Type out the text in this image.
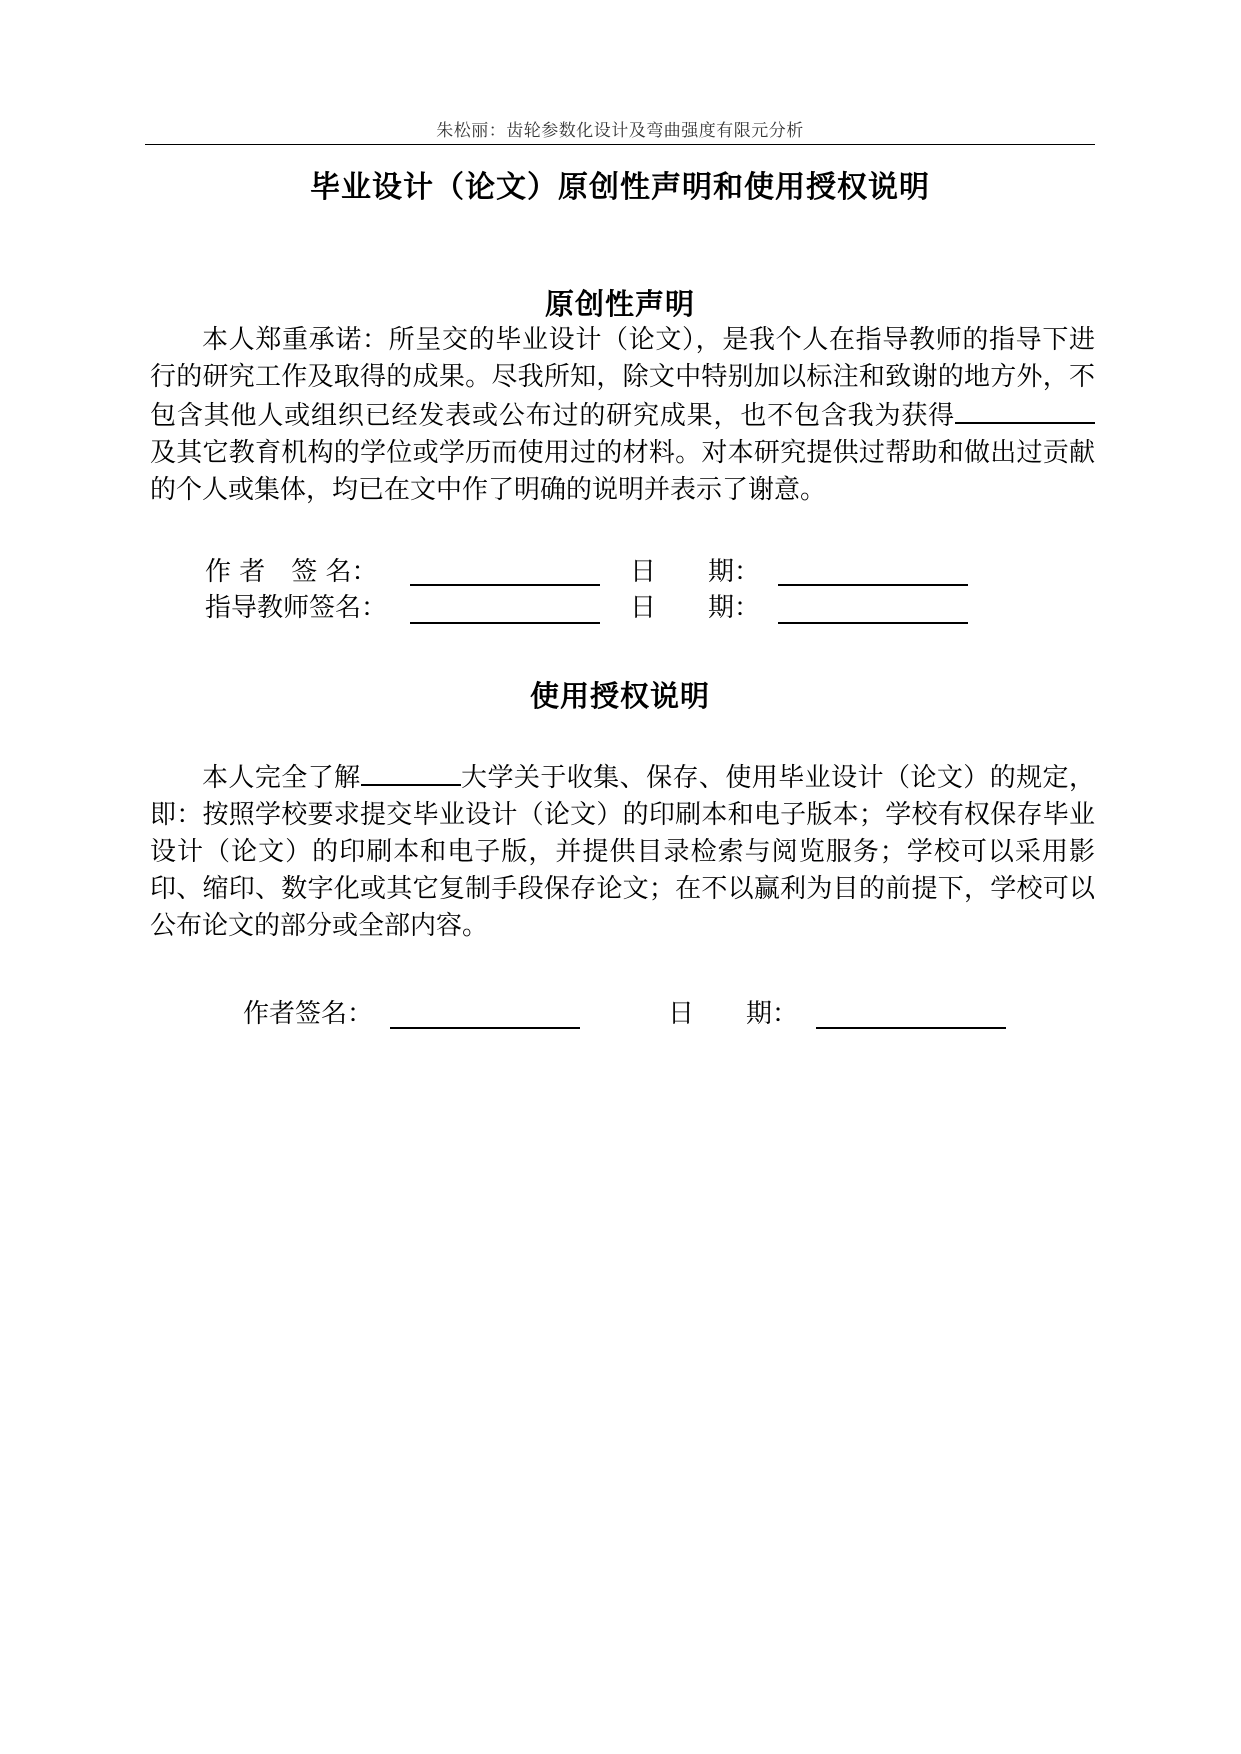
朱松丽：齿轮参数化设计及弯曲强度有限元分析
毕业设计（论文）原创性声明和使用授权说明
原创性声明

本人郑重承诺：所呈交的毕业设计（论文），是我个人在指导教师的指导下进行的研究工作及取得的成果。尽我所知，除文中特别加以标注和致谢的地方外，不包含其他人或组织已经发表或公布过的研究成果，也不包含我为获得及其它教育机构的学位或学历而使用过的材料。对本研究提供过帮助和做出过贡献的个人或集体，均已在文中作了明确的说明并表示了谢意。

作 者　签 名：	日　　期：
指导教师签名：	日　　期：
使用授权说明

本人完全了解	大学关于收集、保存、使用毕业设计（论文）的规定，即：按照学校要求提交毕业设计（论文）的印刷本和电子版本；学校有权保存毕业设计（论文）的印刷本和电子版，并提供目录检索与阅览服务；学校可以采用影印、缩印、数字化或其它复制手段保存论文；在不以赢利为目的前提下，学校可以公布论文的部分或全部内容。

作者签名：	日　　期：
